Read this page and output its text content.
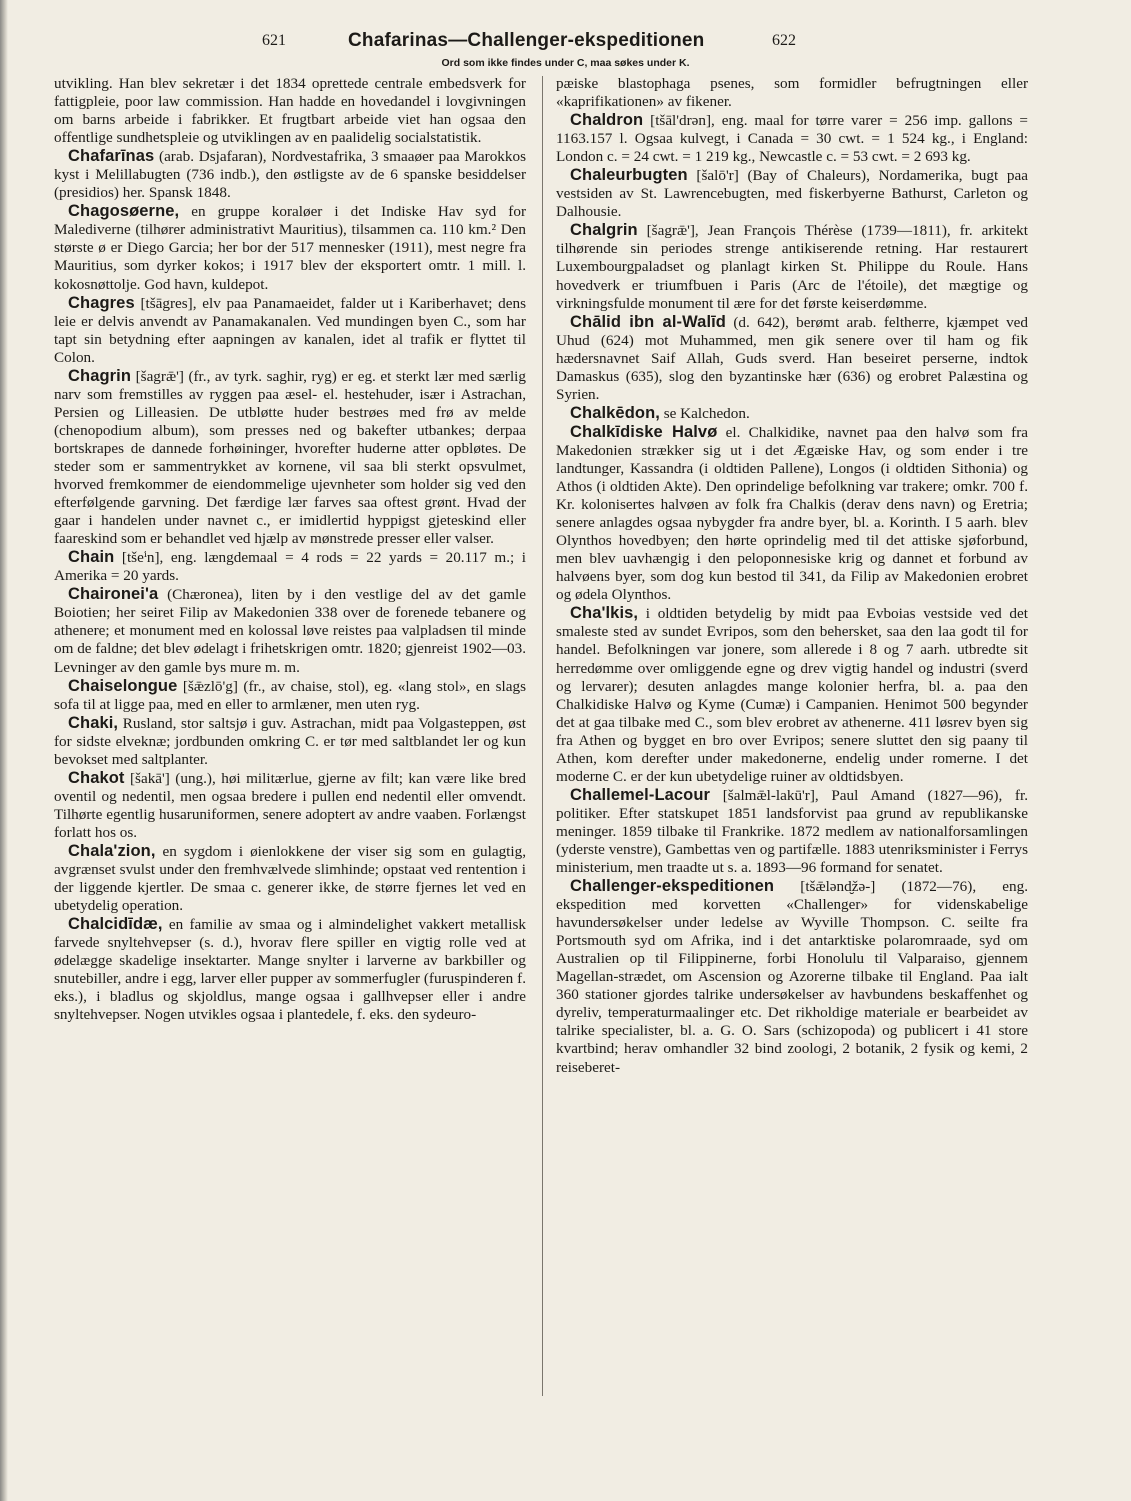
621	Chafarinas—Challenger-ekspeditionen	622
Ord som ikke findes under C, maa søkes under K.

utvikling. Han blev sekretær i det 1834 oprettede centrale embedsverk for fattigpleie, poor law commission. Han hadde en hovedandel i lovgivningen om barns arbeide i fabrikker. Et frugtbart arbeide viet han ogsaa den offentlige sundhetspleie og utviklingen av en paalidelig socialstatistik.

Chafarīnas (arab. Dsjafaran), Nordvestafrika, 3 smaaøer paa Marokkos kyst i Melillabugten (736 indb.), den østligste av de 6 spanske besiddelser (presidios) her. Spansk 1848.

Chagosøerne, en gruppe koraløer i det Indiske Hav syd for Malediverne (tilhører administrativt Mauritius), tilsammen ca. 110 km.² Den største ø er Diego Garcia; her bor der 517 mennesker (1911), mest negre fra Mauritius, som dyrker kokos; i 1917 blev der eksportert omtr. 1 mill. l. kokosnøttolje. God havn, kuldepot.

Chagres [tšāgres], elv paa Panamaeidet, falder ut i Kariberhavet; dens leie er delvis anvendt av Panamakanalen. Ved mundingen byen C., som har tapt sin betydning efter aapningen av kanalen, idet al trafik er flyttet til Colon.

Chagrin [šagrǣ'] (fr., av tyrk. saghir, ryg) er eg. et sterkt lær med særlig narv som fremstilles av ryggen paa æsel- el. hestehuder, især i Astrachan, Persien og Lilleasien. De utbløtte huder bestrøes med frø av melde (chenopodium album), som presses ned og bakefter utbankes; derpaa bortskrapes de dannede forhøininger, hvorefter huderne atter opbløtes. De steder som er sammentrykket av kornene, vil saa bli sterkt opsvulmet, hvorved fremkommer de eiendommelige ujevnheter som holder sig ved den efterfølgende garvning. Det færdige lær farves saa oftest grønt. Hvad der gaar i handelen under navnet c., er imidlertid hyppigst gjeteskind eller faareskind som er behandlet ved hjælp av mønstrede presser eller valser.

Chain [tšeⁱn], eng. længdemaal = 4 rods = 22 yards = 20.117 m.; i Amerika = 20 yards.

Chaironei'a (Chæronea), liten by i den vestlige del av det gamle Boiotien; her seiret Filip av Makedonien 338 over de forenede tebanere og athenere; et monument med en kolossal løve reistes paa valpladsen til minde om de faldne; det blev ødelagt i frihetskrigen omtr. 1820; gjenreist 1902—03. Levninger av den gamle bys mure m. m.

Chaiselongue [šǣzlō'g] (fr., av chaise, stol), eg. «lang stol», en slags sofa til at ligge paa, med en eller to armlæner, men uten ryg.

Chaki, Rusland, stor saltsjø i guv. Astrachan, midt paa Volgasteppen, øst for sidste elveknæ; jordbunden omkring C. er tør med saltblandet ler og kun bevokset med saltplanter.

Chakot [šakā'] (ung.), høi militærlue, gjerne av filt; kan være like bred oventil og nedentil, men ogsaa bredere i pullen end nedentil eller omvendt. Tilhørte egentlig husaruniformen, senere adoptert av andre vaaben. Forlængst forlatt hos os.

Chala'zion, en sygdom i øienlokkene der viser sig som en gulagtig, avgrænset svulst under den fremhvælvede slimhinde; opstaat ved rentention i der liggende kjertler. De smaa c. generer ikke, de større fjernes let ved en ubetydelig operation.

Chalcidīdæ, en familie av smaa og i almindelighet vakkert metallisk farvede snyltehvepser (s. d.), hvorav flere spiller en vigtig rolle ved at ødelægge skadelige insektarter. Mange snylter i larverne av barkbiller og snutebiller, andre i egg, larver eller pupper av sommerfugler (furuspinderen f. eks.), i bladlus og skjoldlus, mange ogsaa i gallhvepser eller i andre snyltehvepser. Nogen utvikles ogsaa i plantedele, f. eks. den sydeuro-

pæiske blastophaga psenes, som formidler befrugtningen eller «kaprifikationen» av fikener.

Chaldron [tšāl'drən], eng. maal for tørre varer = 256 imp. gallons = 1163.157 l. Ogsaa kulvegt, i Canada = 30 cwt. = 1 524 kg., i England: London c. = 24 cwt. = 1 219 kg., Newcastle c. = 53 cwt. = 2 693 kg.

Chaleurbugten [šalō'r] (Bay of Chaleurs), Nordamerika, bugt paa vestsiden av St. Lawrencebugten, med fiskerbyerne Bathurst, Carleton og Dalhousie.

Chalgrin [šagrǣ'], Jean François Thérèse (1739—1811), fr. arkitekt tilhørende sin periodes strenge antikiserende retning. Har restaurert Luxembourgpaladset og planlagt kirken St. Philippe du Roule. Hans hovedverk er triumfbuen i Paris (Arc de l'étoile), det mægtige og virkningsfulde monument til ære for det første keiserdømme.

Chālid ibn al-Walīd (d. 642), berømt arab. feltherre, kjæmpet ved Uhud (624) mot Muhammed, men gik senere over til ham og fik hædersnavnet Saif Allah, Guds sverd. Han beseiret perserne, indtok Damaskus (635), slog den byzantinske hær (636) og erobret Palæstina og Syrien.

Chalkēdon, se Kalchedon.

Chalkīdiske Halvø el. Chalkidike, navnet paa den halvø som fra Makedonien strækker sig ut i det Ægæiske Hav, og som ender i tre landtunger, Kassandra (i oldtiden Pallene), Longos (i oldtiden Sithonia) og Athos (i oldtiden Akte). Den oprindelige befolkning var trakere; omkr. 700 f. Kr. kolonisertes halvøen av folk fra Chalkis (derav dens navn) og Eretria; senere anlagdes ogsaa nybygder fra andre byer, bl. a. Korinth. I 5 aarh. blev Olynthos hovedbyen; den hørte oprindelig med til det attiske sjøforbund, men blev uavhængig i den peloponnesiske krig og dannet et forbund av halvøens byer, som dog kun bestod til 341, da Filip av Makedonien erobret og ødela Olynthos.

Cha'lkis, i oldtiden betydelig by midt paa Evboias vestside ved det smaleste sted av sundet Evripos, som den behersket, saa den laa godt til for handel. Befolkningen var jonere, som allerede i 8 og 7 aarh. utbredte sit herredømme over omliggende egne og drev vigtig handel og industri (sverd og lervarer); desuten anlagdes mange kolonier herfra, bl. a. paa den Chalkidiske Halvø og Kyme (Cumæ) i Campanien. Henimot 500 begynder det at gaa tilbake med C., som blev erobret av athenerne. 411 løsrev byen sig fra Athen og bygget en bro over Evripos; senere sluttet den sig paany til Athen, kom derefter under makedonerne, endelig under romerne. I det moderne C. er der kun ubetydelige ruiner av oldtidsbyen.

Challemel-Lacour [šalmǣl-lakū'r], Paul Amand (1827—96), fr. politiker. Efter statskupet 1851 landsforvist paa grund av republikanske meninger. 1859 tilbake til Frankrike. 1872 medlem av nationalforsamlingen (yderste venstre), Gambettas ven og partifælle. 1883 utenriksminister i Ferrys ministerium, men traadte ut s. a. 1893—96 formand for senatet.

Challenger-ekspeditionen [tšǣlənd̮žə-] (1872—76), eng. ekspedition med korvetten «Challenger» for videnskabelige havundersøkelser under ledelse av Wyville Thompson. C. seilte fra Portsmouth syd om Afrika, ind i det antarktiske polaromraade, syd om Australien op til Filippinerne, forbi Honolulu til Valparaiso, gjennem Magellan-strædet, om Ascension og Azorerne tilbake til England. Paa ialt 360 stationer gjordes talrike undersøkelser av havbundens beskaffenhet og dyreliv, temperaturmaalinger etc. Det rikholdige materiale er bearbeidet av talrike specialister, bl. a. G. O. Sars (schizopoda) og publicert i 41 store kvartbind; herav omhandler 32 bind zoologi, 2 botanik, 2 fysik og kemi, 2 reiseberet-
